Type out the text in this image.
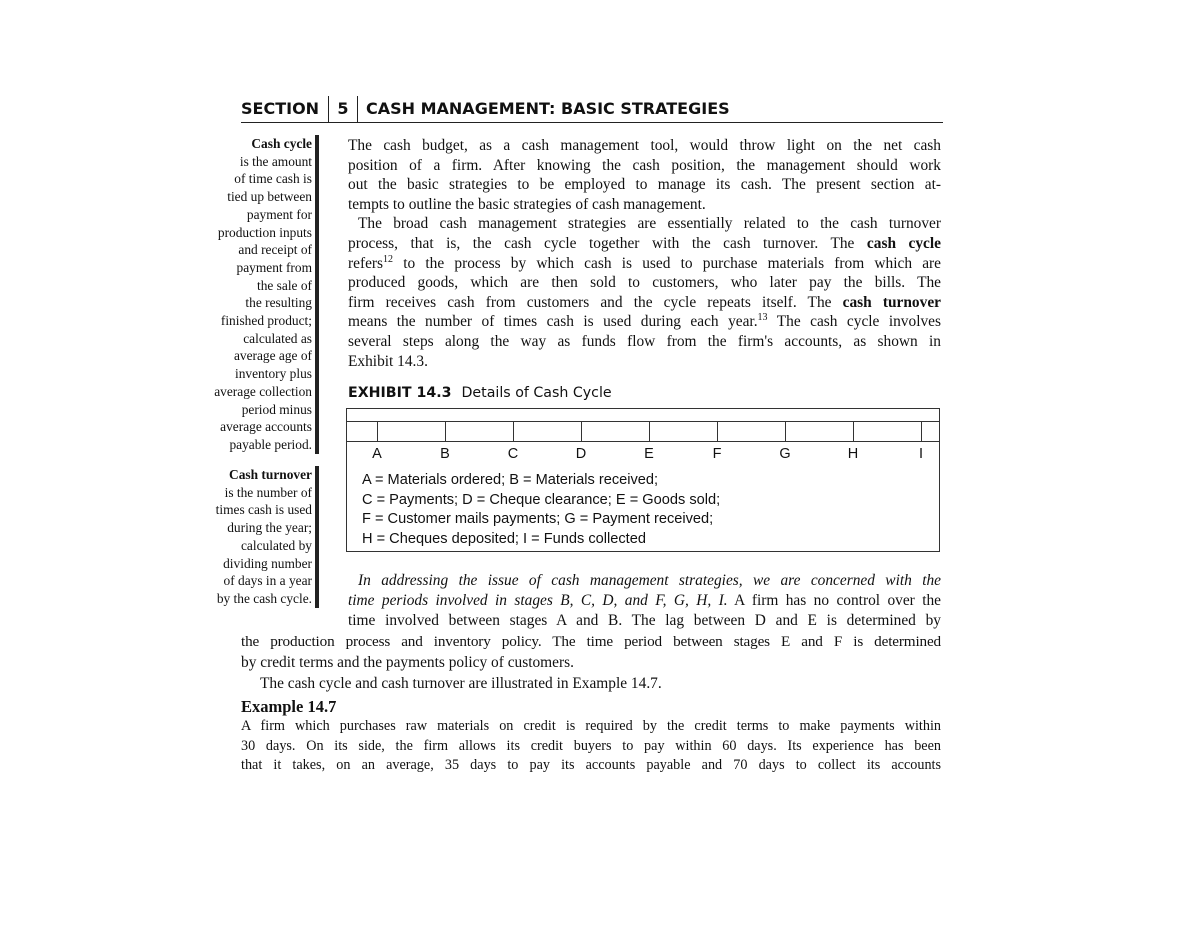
SECTION	5	CASH MANAGEMENT: BASIC STRATEGIES
Cash cycle
is the amount
of time cash is
tied up between
payment for
production inputs
and receipt of
payment from
the sale of
the resulting
finished product;
calculated as
average age of
inventory plus
average collection
period minus
average accounts
payable period.
Cash turnover
is the number of
times cash is used
during the year;
calculated by
dividing number
of days in a year
by the cash cycle.
The cash budget, as a cash management tool, would throw light on the net cash
position of a firm. After knowing the cash position, the management should work
out the basic strategies to be employed to manage its cash. The present section at-
tempts to outline the basic strategies of cash management.
The broad cash management strategies are essentially related to the cash turnover
process, that is, the cash cycle together with the cash turnover. The cash cycle
refers$^{12}$ to the process by which cash is used to purchase materials from which are
produced goods, which are then sold to customers, who later pay the bills. The
firm receives cash from customers and the cycle repeats itself. The cash turnover
means the number of times cash is used during each year.$^{13}$ The cash cycle involves
several steps along the way as funds flow from the firm's accounts, as shown in
Exhibit 14.3.
EXHIBIT 14.3 Details of Cash Cycle
A	B	C	D	E	F	G	H	I
A = Materials ordered; B = Materials received;
C = Payments; D = Cheque clearance; E = Goods sold;
F = Customer mails payments; G = Payment received;
H = Cheques deposited; I = Funds collected
In addressing the issue of cash management strategies, we are concerned with the
time periods involved in stages B, C, D, and F, G, H, I. A firm has no control over the
time involved between stages A and B. The lag between D and E is determined by
the production process and inventory policy. The time period between stages E and F is determined
by credit terms and the payments policy of customers.
The cash cycle and cash turnover are illustrated in Example 14.7.
Example 14.7
A firm which purchases raw materials on credit is required by the credit terms to make payments within
30 days. On its side, the firm allows its credit buyers to pay within 60 days. Its experience has been
that it takes, on an average, 35 days to pay its accounts payable and 70 days to collect its accounts
